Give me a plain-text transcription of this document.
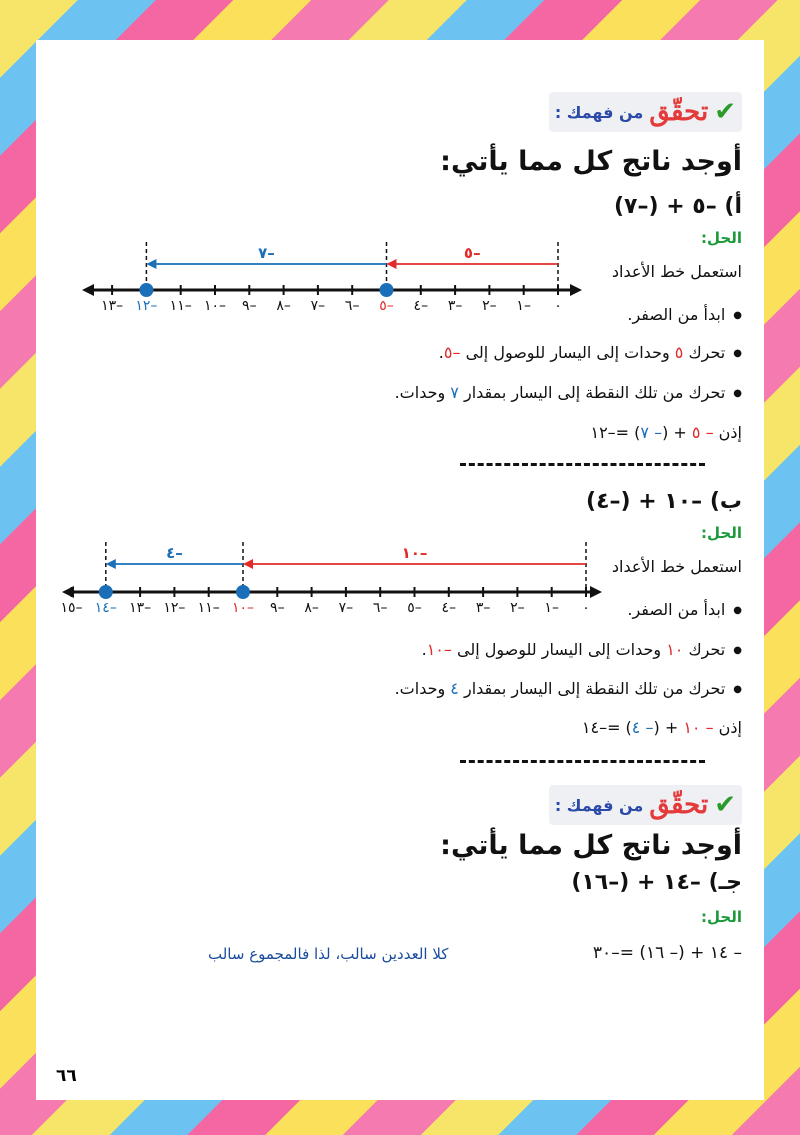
✔
تحقّق
من فهمك :
أوجد ناتج كل مما يأتي:
أ) –٥ + (–٧)
الحل:
استعمل خط الأعداد
٠
١–
٢–
٣–
٤–
٥–
٦–
٧–
٨–
٩–
١٠–
١١–
١٢–
١٣–
٥–
٧–
● ابدأ من الصفر.
● تحرك ٥ وحدات إلى اليسار للوصول إلى –٥.
● تحرك من تلك النقطة إلى اليسار بمقدار ٧ وحدات.
إذن – ٥ + (– ٧) =–١٢
ب) –١٠ + (–٤)
الحل:
استعمل خط الأعداد
٠
١–
٢–
٣–
٤–
٥–
٦–
٧–
٨–
٩–
١٠–
١١–
١٢–
١٣–
١٤–
١٥–
١٠–
٤–
● ابدأ من الصفر.
● تحرك ١٠ وحدات إلى اليسار للوصول إلى –١٠.
● تحرك من تلك النقطة إلى اليسار بمقدار ٤ وحدات.
إذن – ١٠ + (– ٤) =–١٤
✔
تحقّق
من فهمك :
أوجد ناتج كل مما يأتي:
جـ) –١٤ + (–١٦)
الحل:
– ١٤ + (– ١٦) =–٣٠
كلا العددين سالب، لذا فالمجموع سالب
٦٦
